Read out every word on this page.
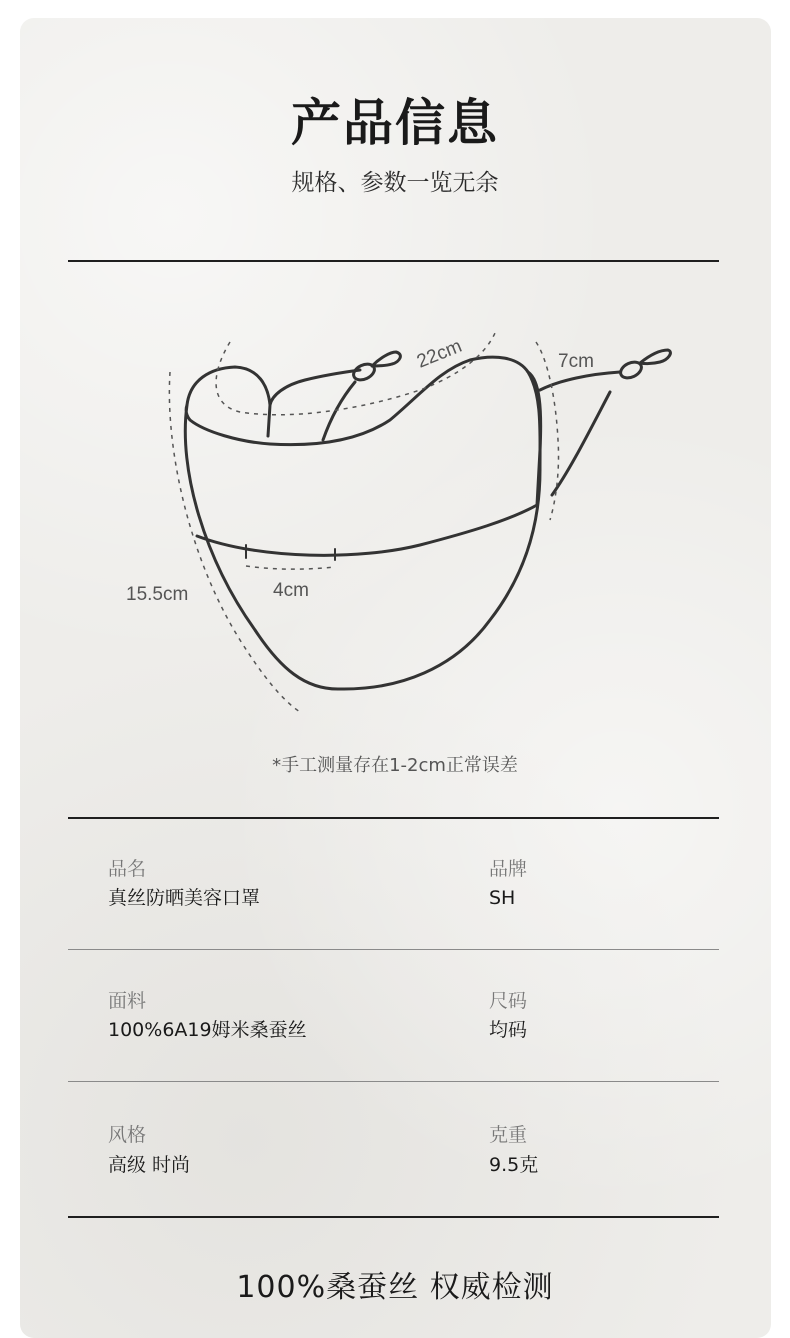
产品信息
规格、参数一览无余
22cm	7cm
15.5cm	4cm
*手工测量存在1-2cm正常误差
品名
真丝防晒美容口罩
品牌
SH
面料
100%6A19姆米桑蚕丝
尺码
均码
风格
高级 时尚
克重
9.5克
100%桑蚕丝 权威检测
